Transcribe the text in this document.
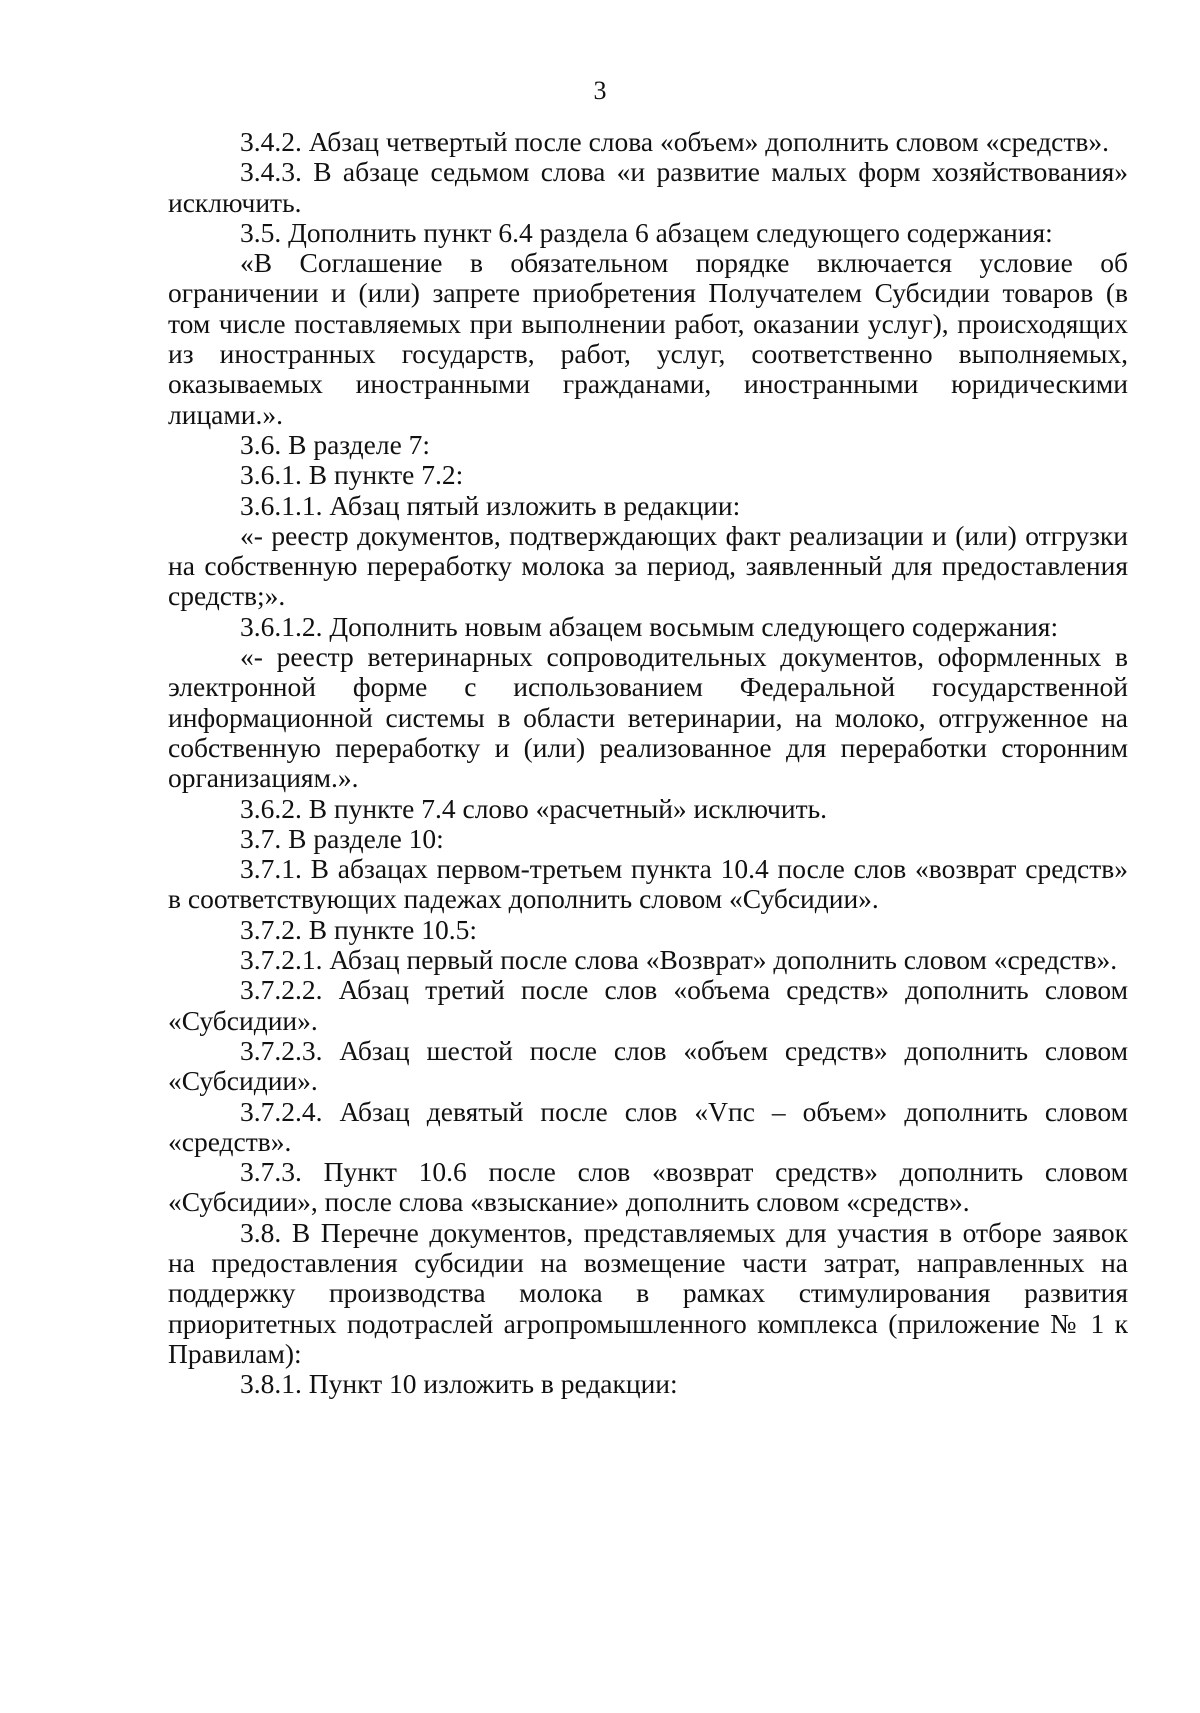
3

3.4.2. Абзац четвертый после слова «объем» дополнить словом «средств».

3.4.3. В абзаце седьмом слова «и развитие малых форм хозяйствования» исключить.

3.5. Дополнить пункт 6.4 раздела 6 абзацем следующего содержания:

«В Соглашение в обязательном порядке включается условие об ограничении и (или) запрете приобретения Получателем Субсидии товаров (в том числе поставляемых при выполнении работ, оказании услуг), происходящих из иностранных государств, работ, услуг, соответственно выполняемых, оказываемых иностранными гражданами, иностранными юридическими лицами.».

3.6. В разделе 7:

3.6.1. В пункте 7.2:

3.6.1.1. Абзац пятый изложить в редакции:

«- реестр документов, подтверждающих факт реализации и (или) отгрузки на собственную переработку молока за период, заявленный для предоставления средств;».

3.6.1.2. Дополнить новым абзацем восьмым следующего содержания:

«- реестр ветеринарных сопроводительных документов, оформленных в электронной форме с использованием Федеральной государственной информационной системы в области ветеринарии, на молоко, отгруженное на собственную переработку и (или) реализованное для переработки сторонним организациям.».

3.6.2. В пункте 7.4 слово «расчетный» исключить.

3.7. В разделе 10:

3.7.1. В абзацах первом-третьем пункта 10.4 после слов «возврат средств» в соответствующих падежах дополнить словом «Субсидии».

3.7.2. В пункте 10.5:

3.7.2.1. Абзац первый после слова «Возврат» дополнить словом «средств».

3.7.2.2. Абзац третий после слов «объема средств» дополнить словом «Субсидии».

3.7.2.3. Абзац шестой после слов «объем средств» дополнить словом «Субсидии».

3.7.2.4. Абзац девятый после слов «Vпс – объем» дополнить словом «средств».

3.7.3. Пункт 10.6 после слов «возврат средств» дополнить словом «Субсидии», после слова «взыскание» дополнить словом «средств».

3.8. В Перечне документов, представляемых для участия в отборе заявок на предоставления субсидии на возмещение части затрат, направленных на поддержку производства молока в рамках стимулирования развития приоритетных подотраслей агропромышленного комплекса (приложение № 1 к Правилам):

3.8.1. Пункт 10 изложить в редакции:
